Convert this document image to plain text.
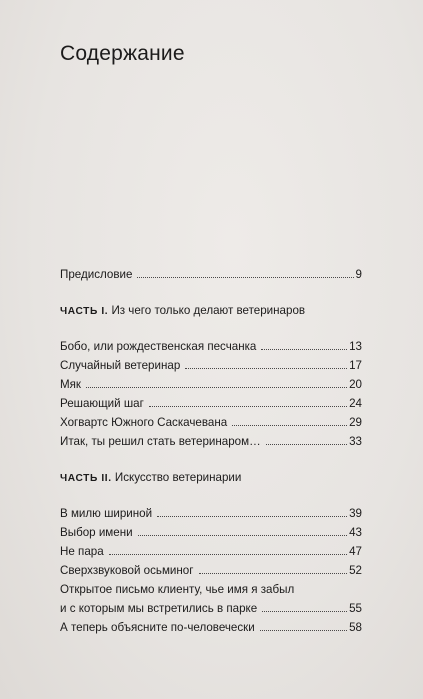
Содержание
Предисловие	9
ЧАСТЬ I. Из чего только делают ветеринаров
Бобо, или рождественская песчанка	13
Случайный ветеринар	17
Мяк	20
Решающий шаг	24
Хогвартс Южного Саскачевана	29
Итак, ты решил стать ветеринаром…	33
ЧАСТЬ II. Искусство ветеринарии
В милю шириной	39
Выбор имени	43
Не пара	47
Сверхзвуковой осьминог	52
Открытое письмо клиенту, чье имя я забыл
и с которым мы встретились в парке	55
А теперь объясните по-человечески	58
